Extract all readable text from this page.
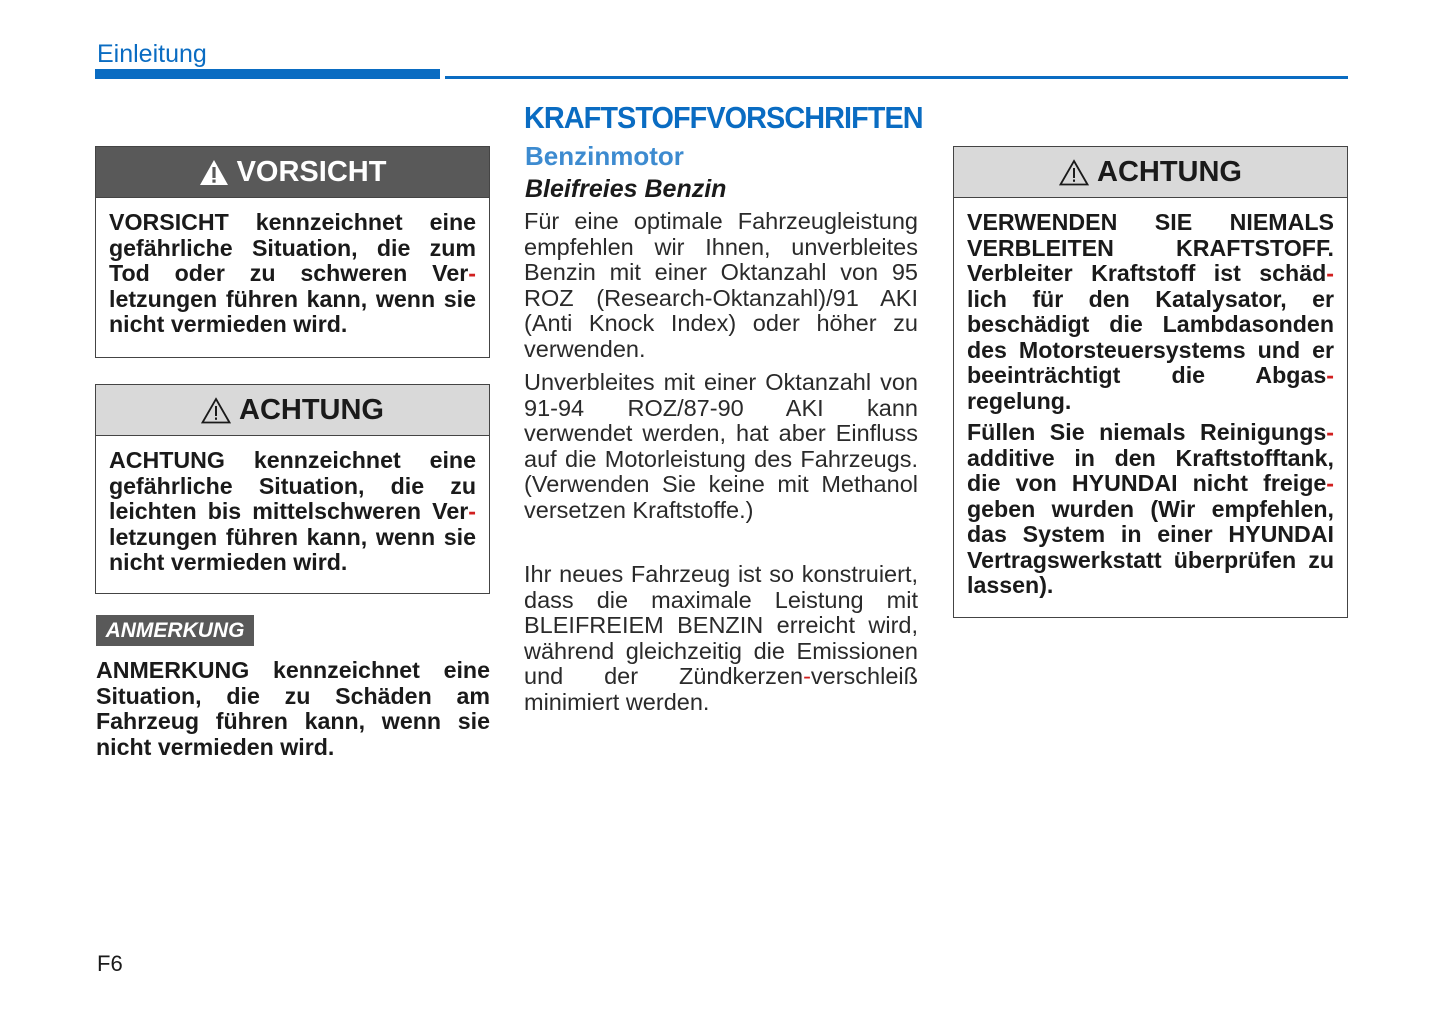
Einleitung
VORSICHT

VORSICHT kennzeichnet eine gefährliche Situation, die zum Tod oder zu schweren Ver-letzungen führen kann, wenn sie nicht vermieden wird.

ACHTUNG

ACHTUNG kennzeichnet eine gefährliche Situation, die zu leichten bis mittelschweren Ver-letzungen führen kann, wenn sie nicht vermieden wird.

ANMERKUNG

ANMERKUNG kennzeichnet eine Situation, die zu Schäden am Fahrzeug führen kann, wenn sie nicht vermieden wird.

KRAFTSTOFFVORSCHRIFTEN
Benzinmotor
Bleifreies Benzin

Für eine optimale Fahrzeugleistung empfehlen wir Ihnen, unverbleites Benzin mit einer Oktanzahl von 95 ROZ (Research-Oktanzahl)/91 AKI (Anti Knock Index) oder höher zu verwenden.

Unverbleites mit einer Oktanzahl von 91-94 ROZ/87-90 AKI kann verwendet werden, hat aber Einfluss auf die Motorleistung des Fahrzeugs. (Verwenden Sie keine mit Methanol versetzen Kraftstoffe.)

Ihr neues Fahrzeug ist so konstruiert, dass die maximale Leistung mit BLEIFREIEM BENZIN erreicht wird, während gleichzeitig die Emissionen und der Zündkerzen-verschleiß minimiert werden.

ACHTUNG

VERWENDEN SIE NIEMALS VERBLEITEN KRAFTSTOFF. Verbleiter Kraftstoff ist schäd-lich für den Katalysator, er beschädigt die Lambdasonden des Motorsteuersystems und er beeinträchtigt die Abgas-regelung.

Füllen Sie niemals Reinigungs-additive in den Kraftstofftank, die von HYUNDAI nicht freige-geben wurden (Wir empfehlen, das System in einer HYUNDAI Vertragswerkstatt überprüfen zu lassen).

F6
